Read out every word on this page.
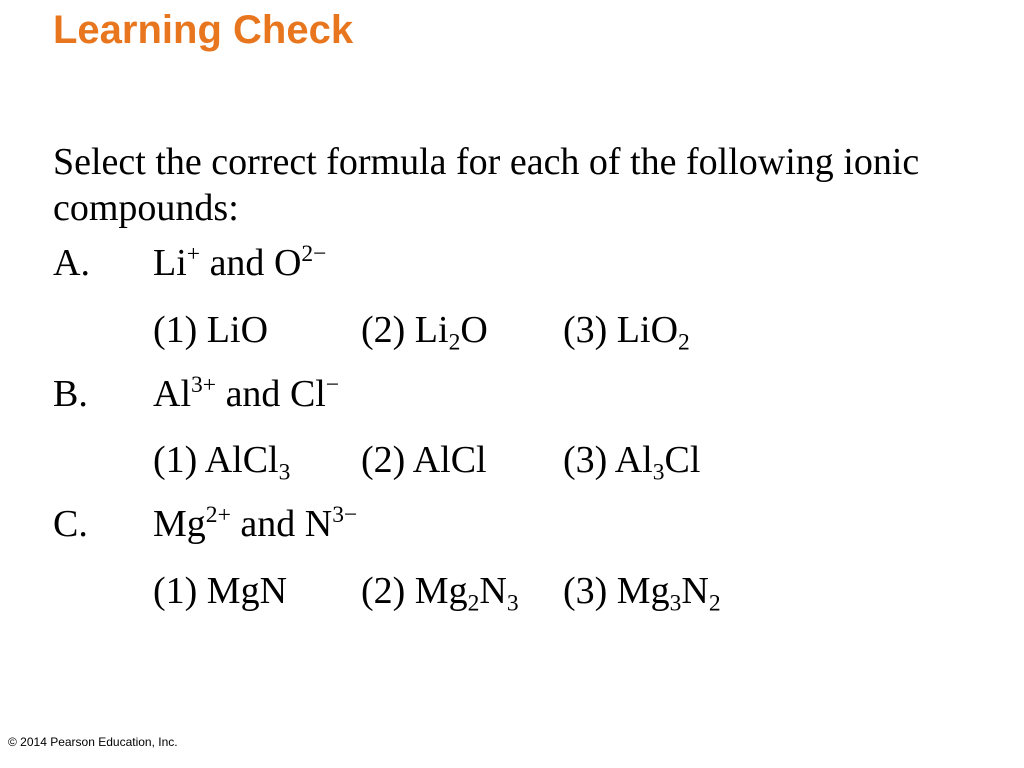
Learning Check
Select the correct formula for each of the following ionic compounds:
A. Li+ and $O^{2-}$
(1) LiO (2) $Li_2O$ (3) LiO$_2$
B. $Al^{3+}$ and Cl−
(1) AlCl$_3$ (2) AlCl (3) $Al_3Cl$
C. $Mg^{2+}$ and $N^{3-}$
(1) MgN (2) $Mg_2N_3$ (3) $Mg_3N_2$
© 2014 Pearson Education, Inc.
